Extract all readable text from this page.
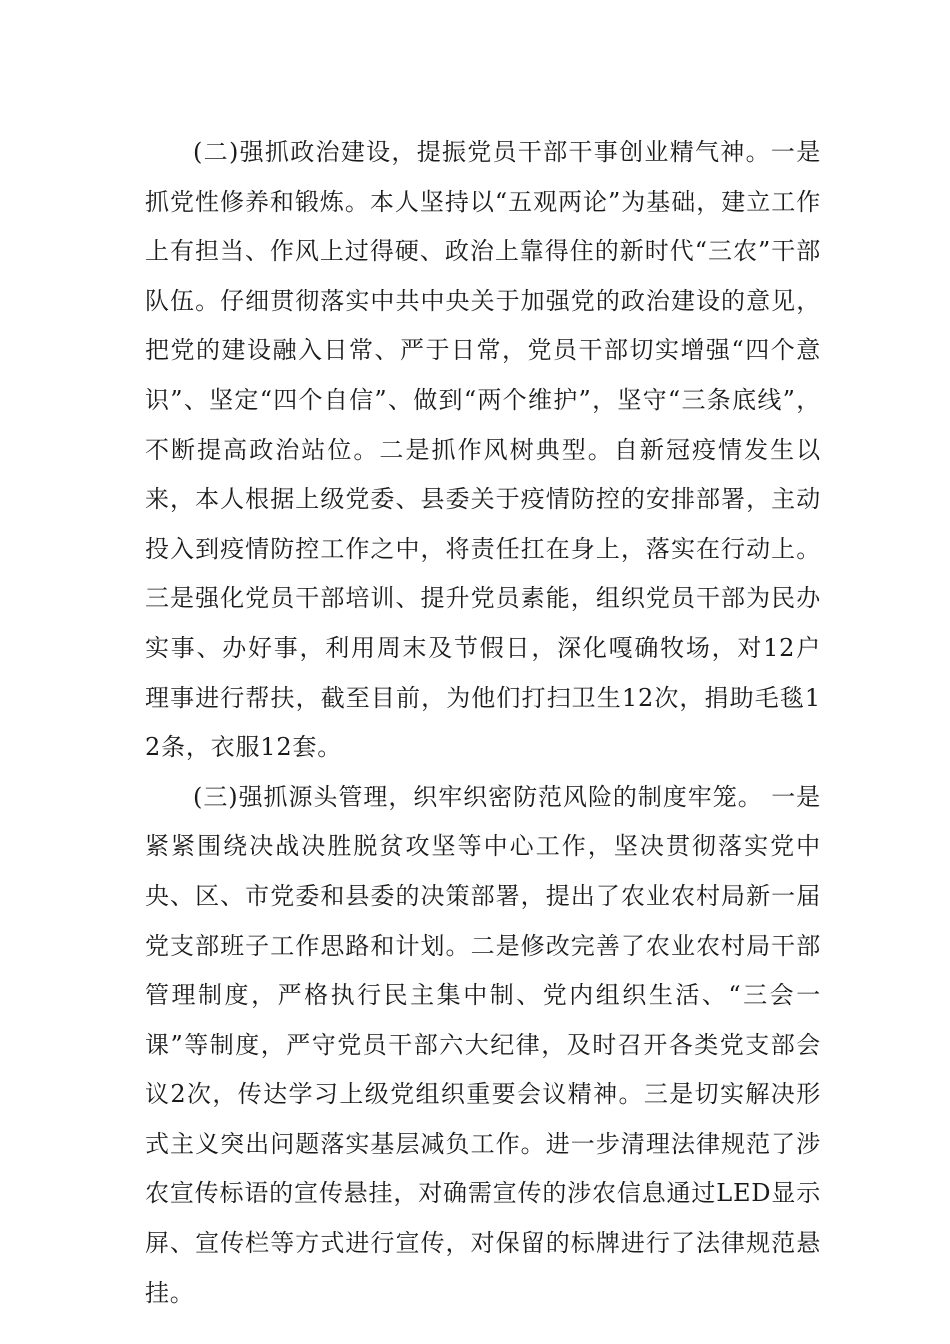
(二)强抓政治建设，提振党员干部干事创业精气神。一是抓党性修养和锻炼。本人坚持以“五观两论”为基础，建立工作上有担当、作风上过得硬、政治上靠得住的新时代“三农”干部队伍。仔细贯彻落实中共中央关于加强党的政治建设的意见，把党的建设融入日常、严于日常，党员干部切实增强“四个意识”、坚定“四个自信”、做到“两个维护”，坚守“三条底线”，不断提高政治站位。二是抓作风树典型。自新冠疫情发生以来，本人根据上级党委、县委关于疫情防控的安排部署，主动投入到疫情防控工作之中，将责任扛在身上，落实在行动上。三是强化党员干部培训、提升党员素能，组织党员干部为民办实事、办好事，利用周末及节假日，深化嘎确牧场，对12户理事进行帮扶，截至目前，为他们打扫卫生12次，捐助毛毯12条，衣服12套。

(三)强抓源头管理，织牢织密防范风险的制度牢笼。 一是紧紧围绕决战决胜脱贫攻坚等中心工作，坚决贯彻落实党中央、区、市党委和县委的决策部署，提出了农业农村局新一届党支部班子工作思路和计划。二是修改完善了农业农村局干部管理制度，严格执行民主集中制、党内组织生活、“三会一课”等制度，严守党员干部六大纪律，及时召开各类党支部会议2次，传达学习上级党组织重要会议精神。三是切实解决形式主义突出问题落实基层减负工作。进一步清理法律规范了涉农宣传标语的宣传悬挂，对确需宣传的涉农信息通过LED显示屏、宣传栏等方式进行宣传，对保留的标牌进行了法律规范悬挂。
